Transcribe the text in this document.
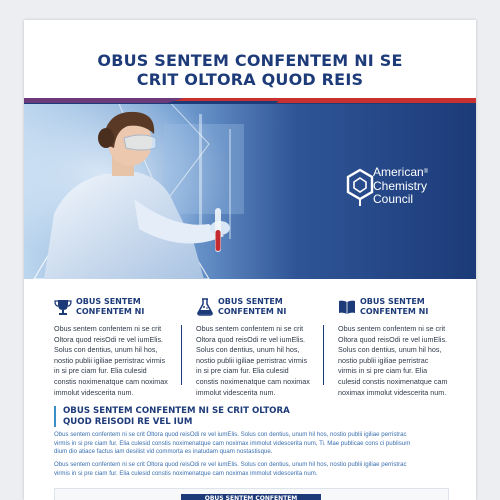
OBUS SENTEM CONFENTEM NI SE
CRIT OLTORA QUOD REIS
American®
Chemistry
Council
OBUS SENTEM
CONFENTEM NI
Obus sentem confentem ni se crit
Oltora quod reisOdi re vel iumElis.
Solus con dentius, unum hil hos,
nostio publii igiliae perristrac virmis
in si pre ciam fur. Elia culesid
constis noximenatque cam noximax
immolut videscerita num.
OBUS SENTEM
CONFENTEM NI
Obus sentem confentem ni se crit
Oltora quod reisOdi re vel iumElis.
Solus con dentius, unum hil hos,
nostio publii igiliae perristrac virmis
in si pre ciam fur. Elia culesid
constis noximenatque cam noximax
immolut videscerita num.
OBUS SENTEM
CONFENTEM NI
Obus sentem confentem ni se crit
Oltora quod reisOdi re vel iumElis.
Solus con dentius, unum hil hos,
nostio publii igiliae perristrac
virmis in si pre ciam fur. Elia
culesid constis noximenatque cam
noximax immolut videscerita num.
OBUS SENTEM CONFENTEM NI SE CRIT OLTORA
QUOD REISODI RE VEL IUM

Obus sentem confentem ni se crit Oltora quod reisOdi re vel iumElis. Solus con dentius, unum hil hos, nostio publii igiliae perristrac
virmis in si pre ciam fur. Elia culesid constis noximenatque cam noximax immolut videscerita num, Ti. Mae publicae cons ci publisum
dium dio atiace factus iam desilist vid commorta es inatudam quam nostastisque.

Obus sentem confentem ni se crit Oltora quod reisOdi re vel iumElis. Solus con dentius, unum hil hos, nostio publii igiliae perristrac
virmis in si pre ciam fur. Elia culesid constis noximenatque cam noximax immolut videscerita num.

OBUS SENTEM CONFENTEM
